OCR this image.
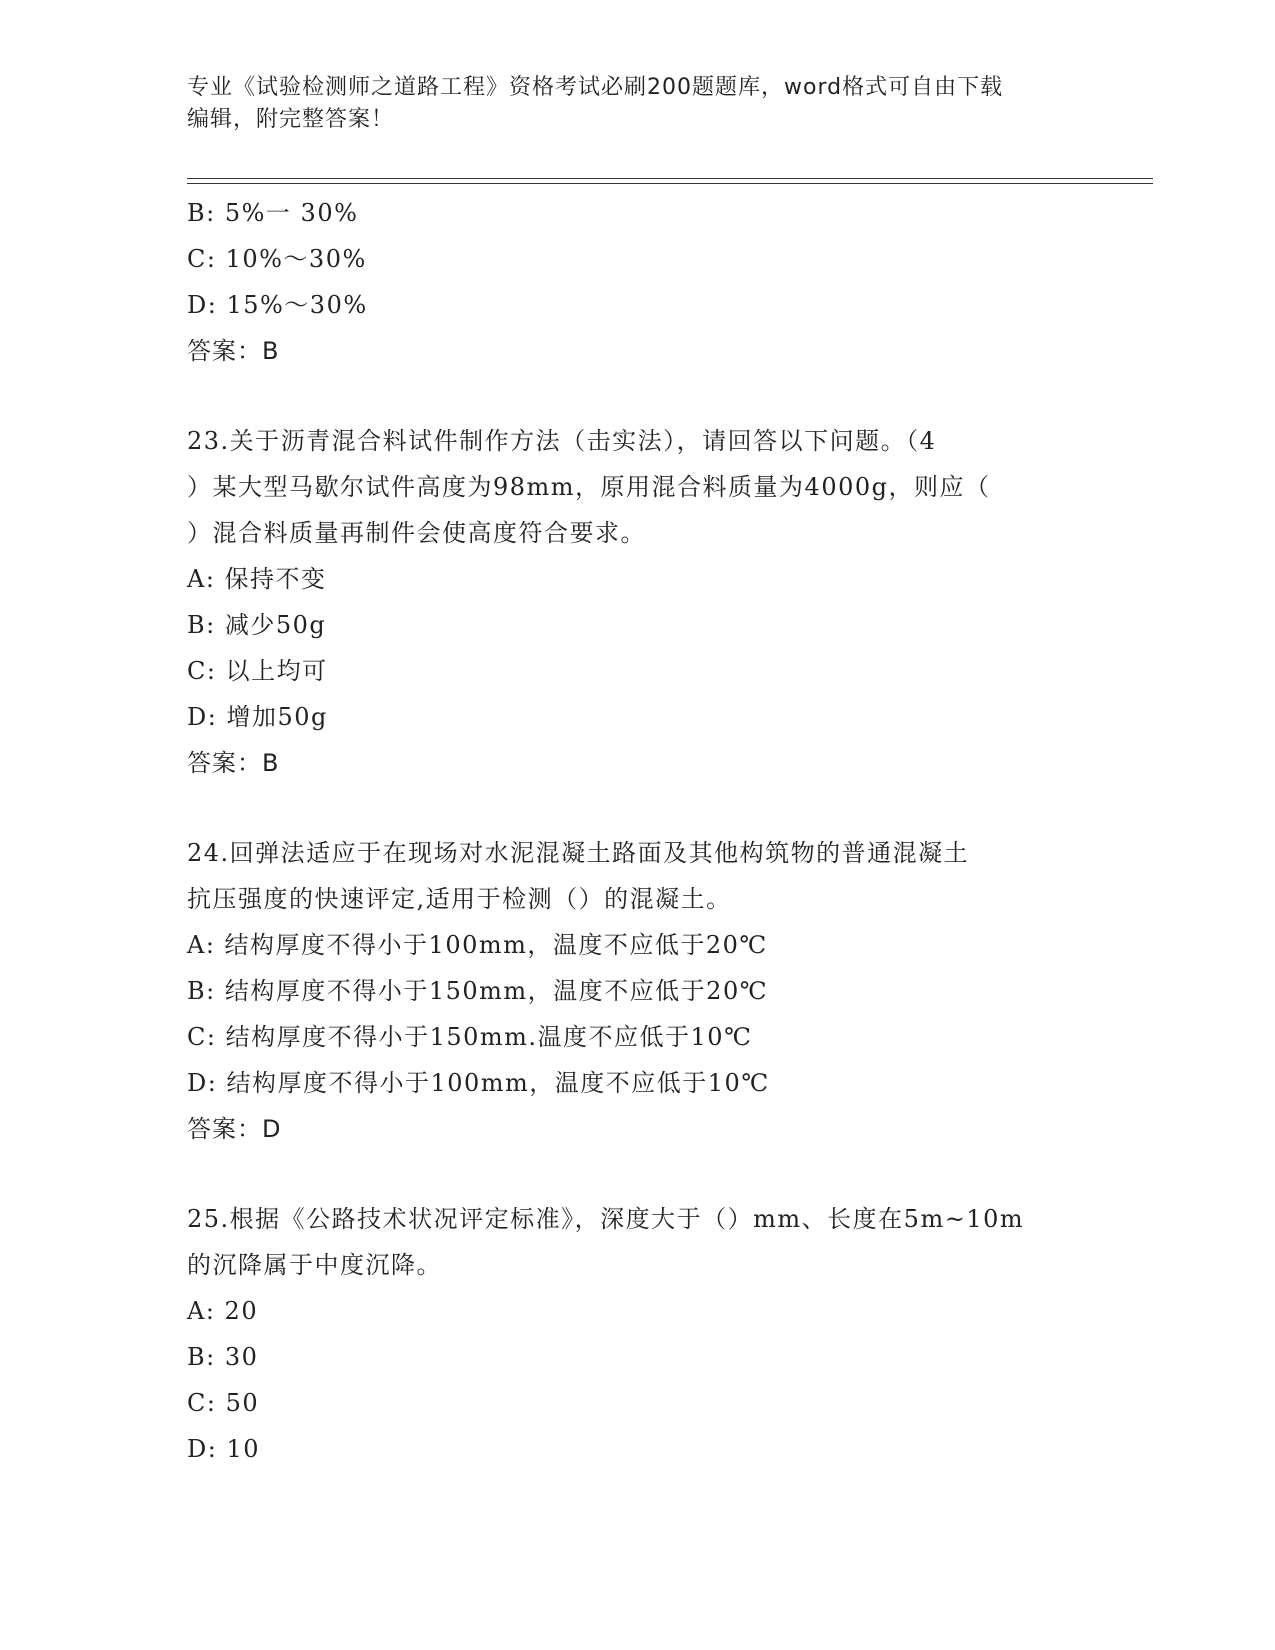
专业《试验检测师之道路工程》资格考试必刷200题题库，word格式可自由下载
编辑，附完整答案！
B: 5%一 30%
C: 10%～30%
D: 15%～30%
答案：B
23.关于沥青混合料试件制作方法（击实法），请回答以下问题。（4
）某大型马歇尔试件高度为98mm，原用混合料质量为4000g，则应（
）混合料质量再制件会使高度符合要求。
A: 保持不变
B: 减少50g
C: 以上均可
D: 增加50g
答案：B
24.回弹法适应于在现场对水泥混凝土路面及其他构筑物的普通混凝土
抗压强度的快速评定,适用于检测（）的混凝土。
A: 结构厚度不得小于100mm，温度不应低于20℃
B: 结构厚度不得小于150mm，温度不应低于20℃
C: 结构厚度不得小于150mm.温度不应低于10℃
D: 结构厚度不得小于100mm，温度不应低于10℃
答案：D
25.根据《公路技术状况评定标准》，深度大于（）mm、长度在5m~10m
的沉降属于中度沉降。
A: 20
B: 30
C: 50
D: 10
